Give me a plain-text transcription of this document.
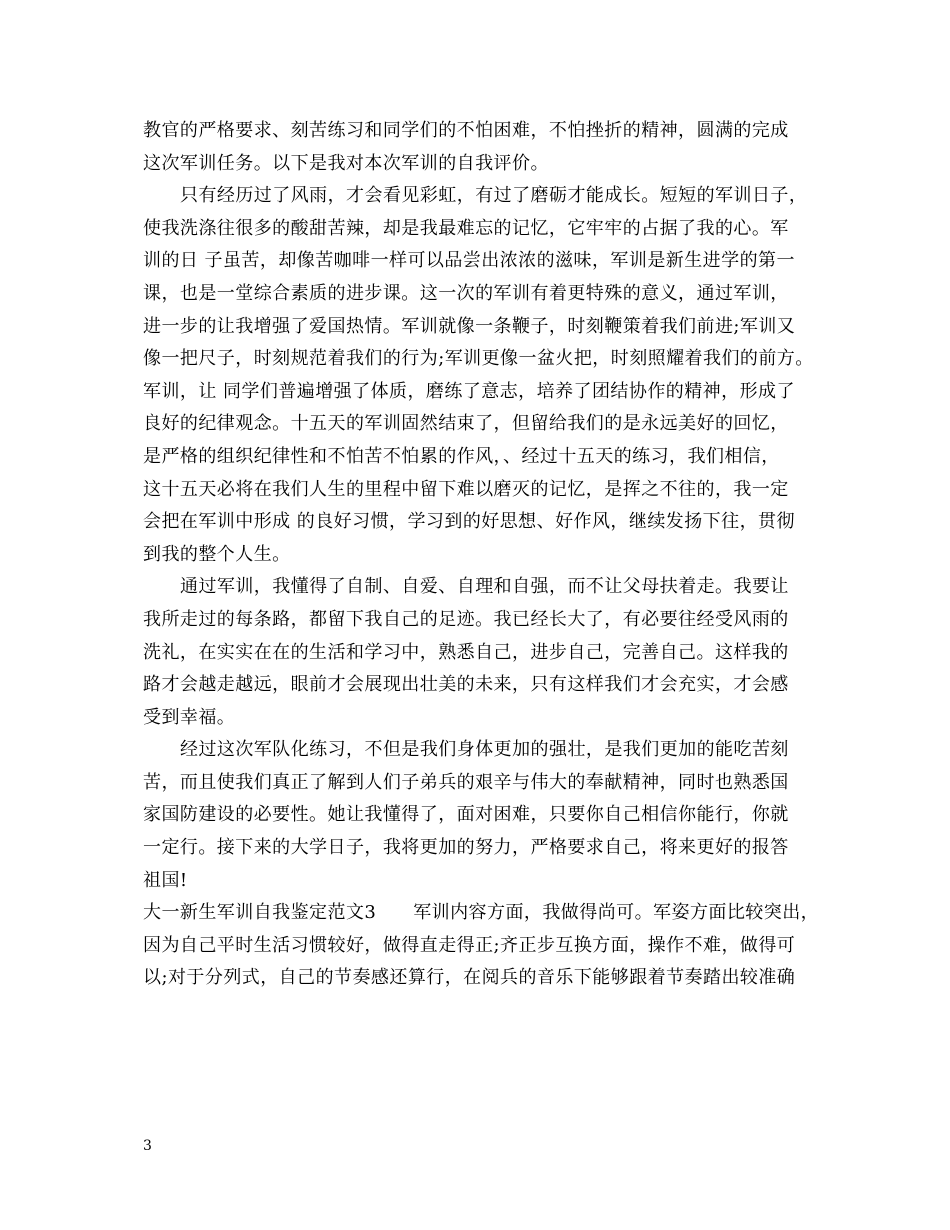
教官的严格要求、刻苦练习和同学们的不怕困难，不怕挫折的精神，圆满的完成
这次军训任务。以下是我对本次军训的自我评价。
只有经历过了风雨，才会看见彩虹，有过了磨砺才能成长。短短的军训日子，
使我洗涤往很多的酸甜苦辣，却是我最难忘的记忆，它牢牢的占据了我的心。军
训的日 子虽苦，却像苦咖啡一样可以品尝出浓浓的滋味，军训是新生进学的第一
课，也是一堂综合素质的进步课。这一次的军训有着更特殊的意义，通过军训，
进一步的让我增强了爱国热情。军训就像一条鞭子，时刻鞭策着我们前进;军训又
像一把尺子，时刻规范着我们的行为;军训更像一盆火把，时刻照耀着我们的前方。
军训，让 同学们普遍增强了体质，磨练了意志，培养了团结协作的精神，形成了
良好的纪律观念。十五天的军训固然结束了，但留给我们的是永远美好的回忆，
是严格的组织纪律性和不怕苦不怕累的作风，、经过十五天的练习，我们相信，
这十五天必将在我们人生的里程中留下难以磨灭的记忆，是挥之不往的，我一定
会把在军训中形成 的良好习惯，学习到的好思想、好作风，继续发扬下往，贯彻
到我的整个人生。
通过军训，我懂得了自制、自爱、自理和自强，而不让父母扶着走。我要让
我所走过的每条路，都留下我自己的足迹。我已经长大了，有必要往经受风雨的
洗礼，在实实在在的生活和学习中，熟悉自己，进步自己，完善自己。这样我的
路才会越走越远，眼前才会展现出壮美的未来，只有这样我们才会充实，才会感
受到幸福。
经过这次军队化练习，不但是我们身体更加的强壮，是我们更加的能吃苦刻
苦，而且使我们真正了解到人们子弟兵的艰辛与伟大的奉献精神，同时也熟悉国
家国防建设的必要性。她让我懂得了，面对困难，只要你自己相信你能行，你就
一定行。接下来的大学日子，我将更加的努力，严格要求自己，将来更好的报答
祖国!
大一新生军训自我鉴定范文3　　军训内容方面，我做得尚可。军姿方面比较突出，
因为自己平时生活习惯较好，做得直走得正;齐正步互换方面，操作不难，做得可
以;对于分列式，自己的节奏感还算行，在阅兵的音乐下能够跟着节奏踏出较准确
3
